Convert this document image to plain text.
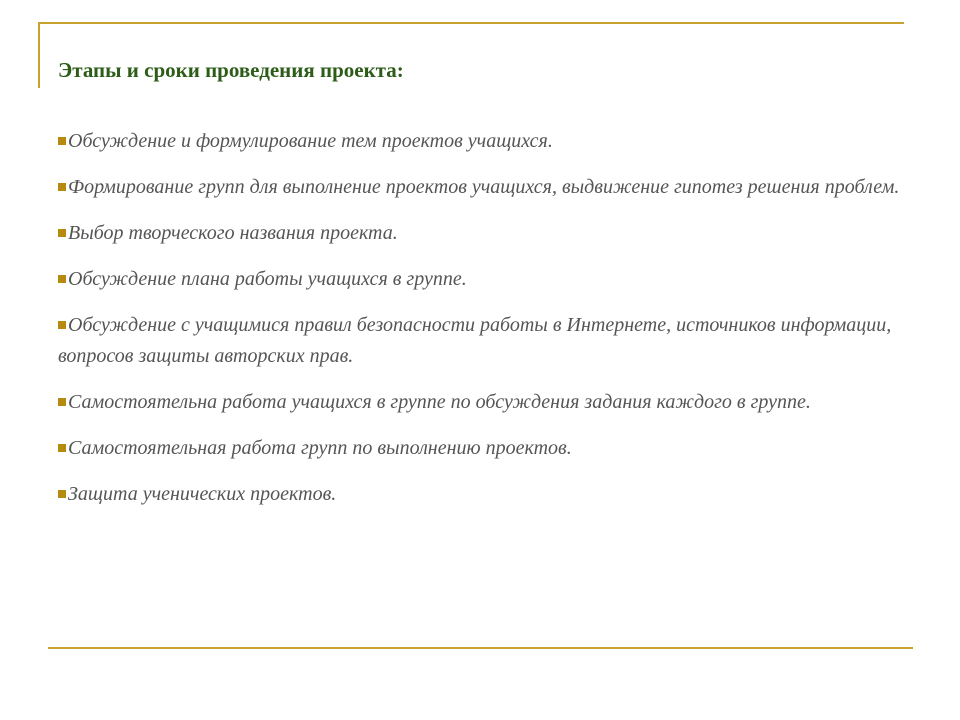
Этапы и сроки проведения проекта:
Обсуждение и формулирование тем проектов учащихся.
Формирование групп для выполнение проектов учащихся, выдвижение гипотез решения проблем.
Выбор творческого названия проекта.
Обсуждение плана работы учащихся в группе.
Обсуждение с учащимися правил безопасности работы в Интернете, источников информации, вопросов защиты авторских прав.
Самостоятельна работа учащихся в группе по обсуждения задания каждого в группе.
Самостоятельная работа групп по выполнению проектов.
Защита ученических проектов.
